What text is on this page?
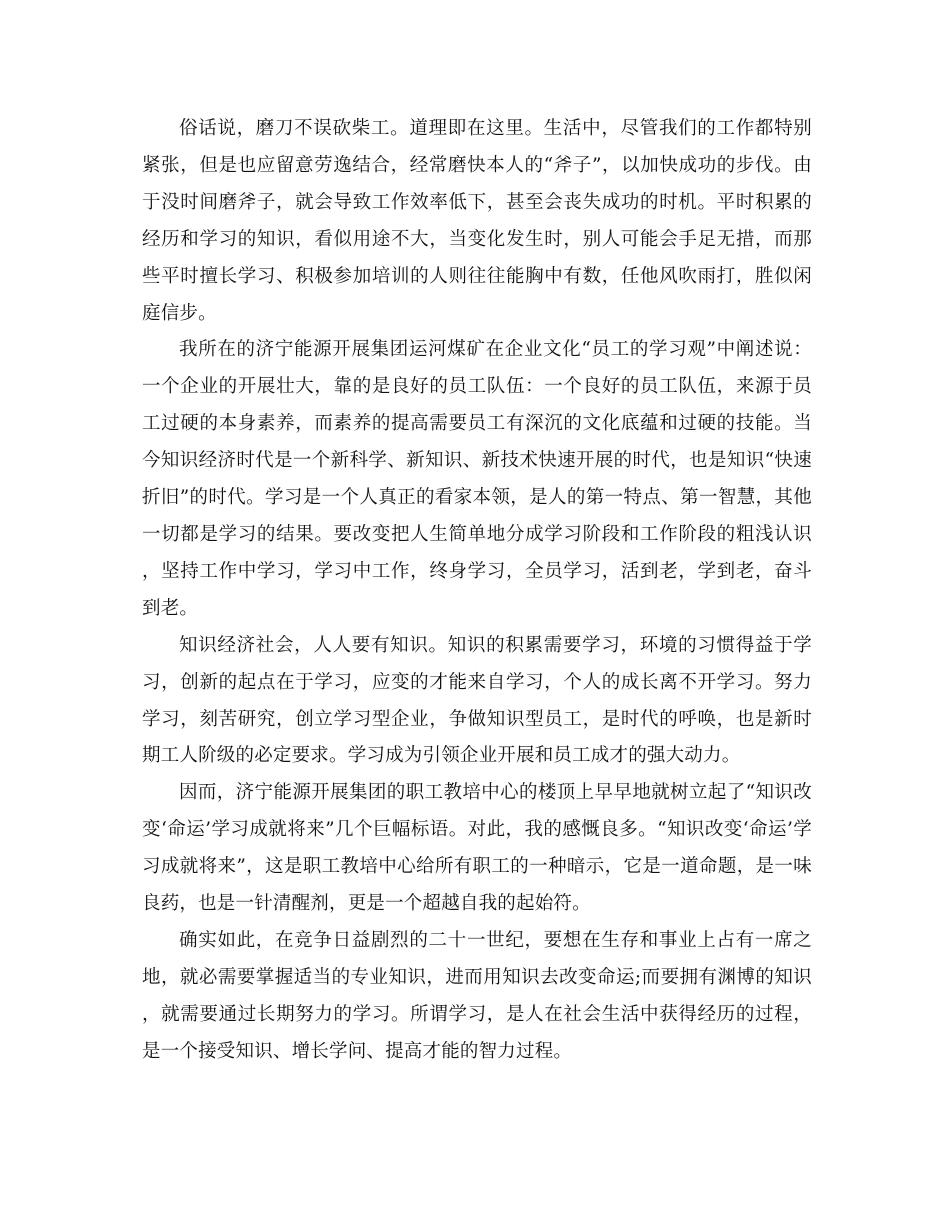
俗话说，磨刀不误砍柴工。道理即在这里。生活中，尽管我们的工作都特别紧张，但是也应留意劳逸结合，经常磨快本人的“斧子”，以加快成功的步伐。由于没时间磨斧子，就会导致工作效率低下，甚至会丧失成功的时机。平时积累的经历和学习的知识，看似用途不大，当变化发生时，别人可能会手足无措，而那些平时擅长学习、积极参加培训的人则往往能胸中有数，任他风吹雨打，胜似闲庭信步。

我所在的济宁能源开展集团运河煤矿在企业文化“员工的学习观”中阐述说：一个企业的开展壮大，靠的是良好的员工队伍：一个良好的员工队伍，来源于员工过硬的本身素养，而素养的提高需要员工有深沉的文化底蕴和过硬的技能。当今知识经济时代是一个新科学、新知识、新技术快速开展的时代，也是知识“快速折旧”的时代。学习是一个人真正的看家本领，是人的第一特点、第一智慧，其他一切都是学习的结果。要改变把人生简单地分成学习阶段和工作阶段的粗浅认识，坚持工作中学习，学习中工作，终身学习，全员学习，活到老，学到老，奋斗到老。

知识经济社会，人人要有知识。知识的积累需要学习，环境的习惯得益于学习，创新的起点在于学习，应变的才能来自学习，个人的成长离不开学习。努力学习，刻苦研究，创立学习型企业，争做知识型员工，是时代的呼唤，也是新时期工人阶级的必定要求。学习成为引领企业开展和员工成才的强大动力。

因而，济宁能源开展集团的职工教培中心的楼顶上早早地就树立起了“知识改变‘命运’学习成就将来”几个巨幅标语。对此，我的感慨良多。“知识改变‘命运’学习成就将来”，这是职工教培中心给所有职工的一种暗示，它是一道命题，是一味良药，也是一针清醒剂，更是一个超越自我的起始符。

确实如此，在竞争日益剧烈的二十一世纪，要想在生存和事业上占有一席之地，就必需要掌握适当的专业知识，进而用知识去改变命运;而要拥有渊博的知识，就需要通过长期努力的学习。所谓学习，是人在社会生活中获得经历的过程，是一个接受知识、增长学问、提高才能的智力过程。
